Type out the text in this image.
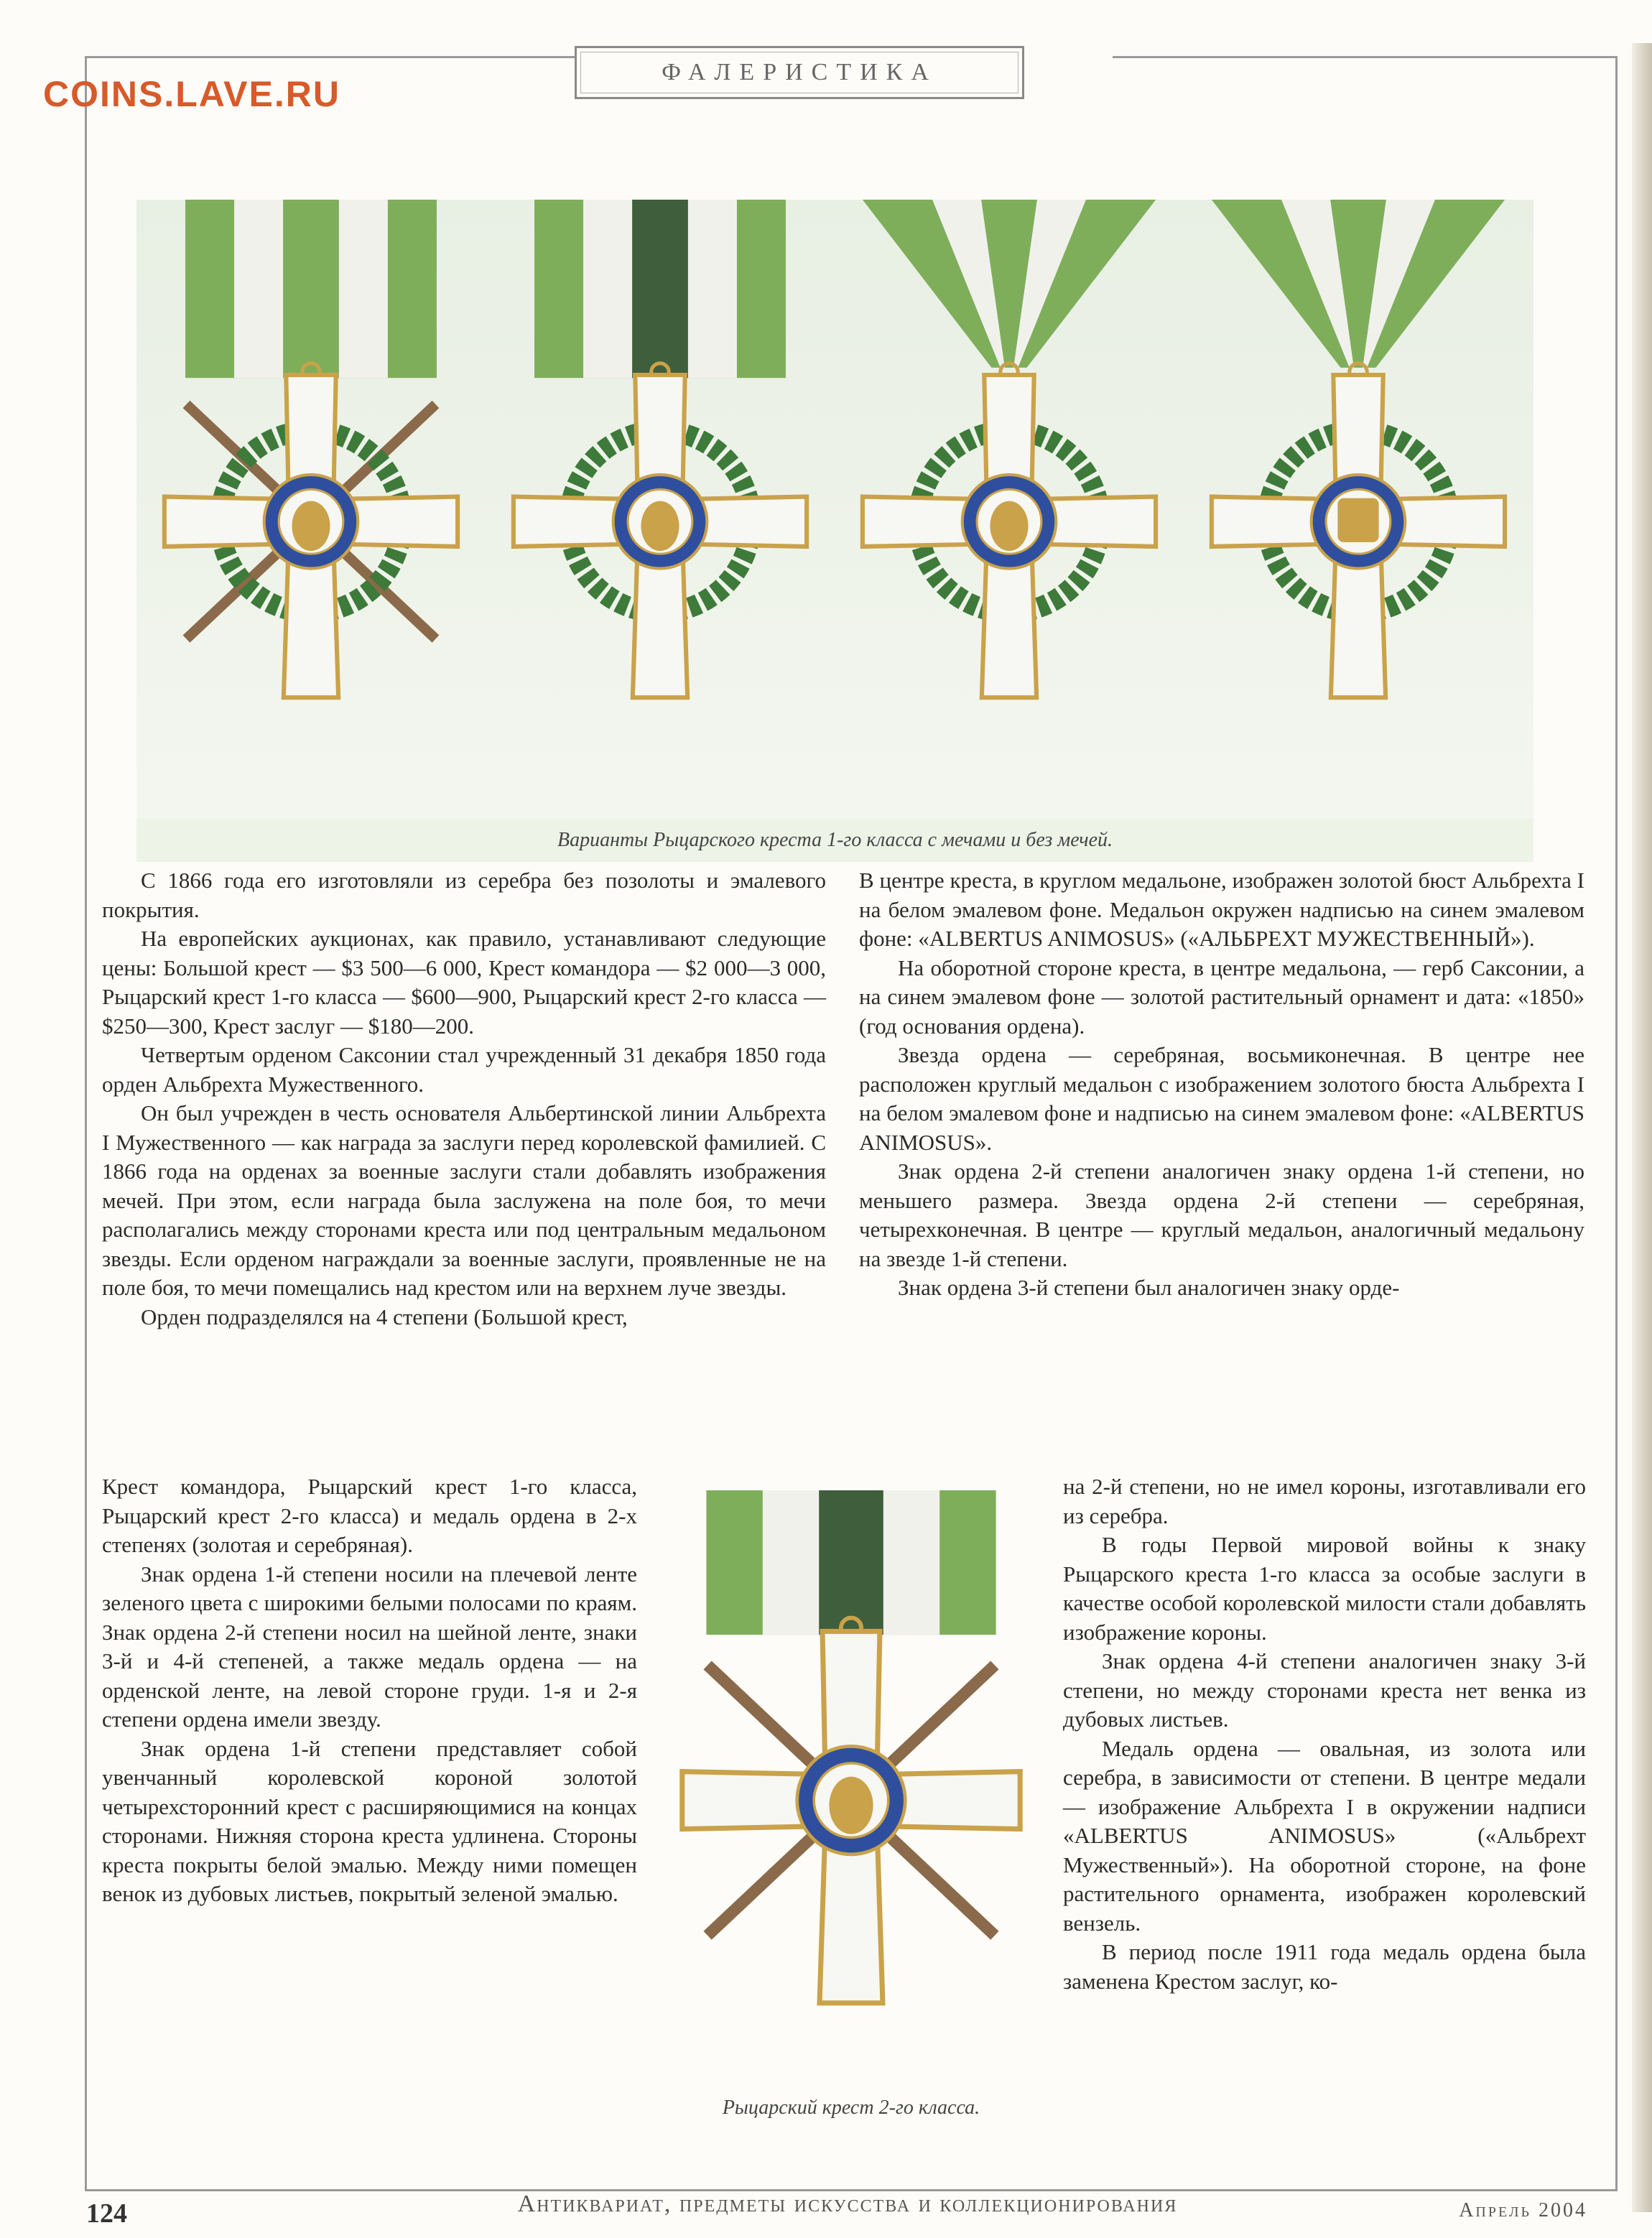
COINS.LAVE.RU
ФАЛЕРИСТИКА
Варианты Рыцарского креста 1-го класса с мечами и без мечей.

С 1866 года его изготовляли из серебра без позолоты и эмалевого покрытия.

На европейских аукционах, как правило, устанавливают следующие цены: Большой крест — $3 500—6 000, Крест командора — $2 000—3 000, Рыцарский крест 1-го класса — $600—900, Рыцарский крест 2-го класса — $250—300, Крест заслуг — $180—200.

Четвертым орденом Саксонии стал учрежденный 31 декабря 1850 года орден Альбрехта Мужественного.

Он был учрежден в честь основателя Альбертинской линии Альбрехта I Мужественного — как награда за заслуги перед королевской фамилией. С 1866 года на орденах за военные заслуги стали добавлять изображения мечей. При этом, если награда была заслужена на поле боя, то мечи располагались между сторонами креста или под центральным медальоном звезды. Если орденом награждали за военные заслуги, проявленные не на поле боя, то мечи помещались над крестом или на верхнем луче звезды.

Орден подразделялся на 4 степени (Большой крест,

В центре креста, в круглом медальоне, изображен золотой бюст Альбрехта I на белом эмалевом фоне. Медальон окружен надписью на синем эмалевом фоне: «ALBERTUS ANIMOSUS» («АЛЬБРЕХТ МУЖЕСТВЕННЫЙ»).

На оборотной стороне креста, в центре медальона, — герб Саксонии, а на синем эмалевом фоне — золотой растительный орнамент и дата: «1850» (год основания ордена).

Звезда ордена — серебряная, восьмиконечная. В центре нее расположен круглый медальон с изображением золотого бюста Альбрехта I на белом эмалевом фоне и надписью на синем эмалевом фоне: «ALBERTUS ANIMOSUS».

Знак ордена 2-й степени аналогичен знаку ордена 1-й степени, но меньшего размера. Звезда ордена 2-й степени — серебряная, четырехконечная. В центре — круглый медальон, аналогичный медальону на звезде 1-й степени.

Знак ордена 3-й степени был аналогичен знаку орде-

Крест командора, Рыцарский крест 1-го класса, Рыцарский крест 2-го класса) и медаль ордена в 2-х степенях (золотая и серебряная).

Знак ордена 1-й степени носили на плечевой ленте зеленого цвета с широкими белыми полосами по краям. Знак ордена 2-й степени носил на шейной ленте, знаки 3-й и 4-й степеней, а также медаль ордена — на орденской ленте, на левой стороне груди. 1-я и 2-я степени ордена имели звезду.

Знак ордена 1-й степени представляет собой увенчанный королевской короной золотой четырехсторонний крест с расширяющимися на концах сторонами. Нижняя сторона креста удлинена. Стороны креста покрыты белой эмалью. Между ними помещен венок из дубовых листьев, покрытый зеленой эмалью.

Рыцарский крест 2-го класса.

на 2-й степени, но не имел короны, изготавливали его из серебра.

В годы Первой мировой войны к знаку Рыцарского креста 1-го класса за особые заслуги в качестве особой королевской милости стали добавлять изображение короны.

Знак ордена 4-й степени аналогичен знаку 3-й степени, но между сторонами креста нет венка из дубовых листьев.

Медаль ордена — овальная, из золота или серебра, в зависимости от степени. В центре медали — изображение Альбрехта I в окружении надписи «ALBERTUS ANIMOSUS» («Альбрехт Мужественный»). На оборотной стороне, на фоне растительного орнамента, изображен королевский вензель.

В период после 1911 года медаль ордена была заменена Крестом заслуг, ко-

124	Антиквариат, предметы искусства и коллекционирования	Апрель 2004
